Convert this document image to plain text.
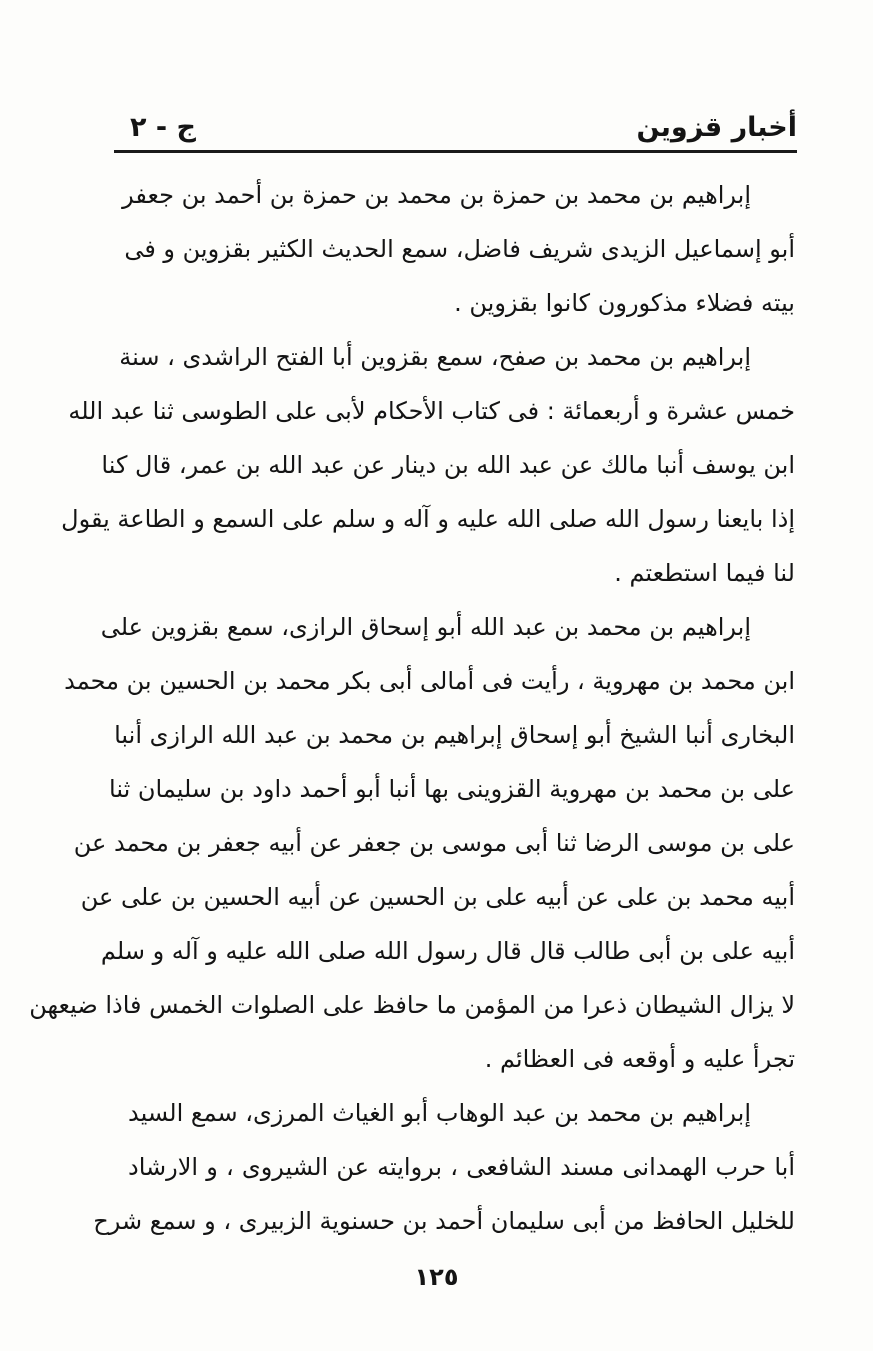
أخبار قزوين
ج - ٢
إبراهيم بن محمد بن حمزة بن محمد بن حمزة بن أحمد بن جعفر
أبو إسماعيل الزيدى شريف فاضل، سمع الحديث الكثير بقزوين و فى
بيته فضلاء مذكورون كانوا بقزوين .
إبراهيم بن محمد بن صفح، سمع بقزوين أبا الفتح الراشدى ، سنة
خمس عشرة و أربعمائة : فى كتاب الأحكام لأبى على الطوسى ثنا عبد الله
ابن يوسف أنبا مالك عن عبد الله بن دينار عن عبد الله بن عمر، قال كنا
إذا بايعنا رسول الله صلى الله عليه و آله و سلم على السمع و الطاعة يقول
لنا فيما استطعتم .
إبراهيم بن محمد بن عبد الله أبو إسحاق الرازى، سمع بقزوين على
ابن محمد بن مهروية ، رأيت فى أمالى أبى بكر محمد بن الحسين بن محمد
البخارى أنبا الشيخ أبو إسحاق إبراهيم بن محمد بن عبد الله الرازى أنبا
على بن محمد بن مهروية القزوينى بها أنبا أبو أحمد داود بن سليمان ثنا
على بن موسى الرضا ثنا أبى موسى بن جعفر عن أبيه جعفر بن محمد عن
أبيه محمد بن على عن أبيه على بن الحسين عن أبيه الحسين بن على عن
أبيه على بن أبى طالب قال قال رسول الله صلى الله عليه و آله و سلم
لا يزال الشيطان ذعرا من المؤمن ما حافظ على الصلوات الخمس فاذا ضيعهن
تجرأ عليه و أوقعه فى العظائم .
إبراهيم بن محمد بن عبد الوهاب أبو الغياث المرزى، سمع السيد
أبا حرب الهمدانى مسند الشافعى ، بروايته عن الشيروى ، و الارشاد
للخليل الحافظ من أبى سليمان أحمد بن حسنوية الزبيرى ، و سمع شرح
١٢٥
